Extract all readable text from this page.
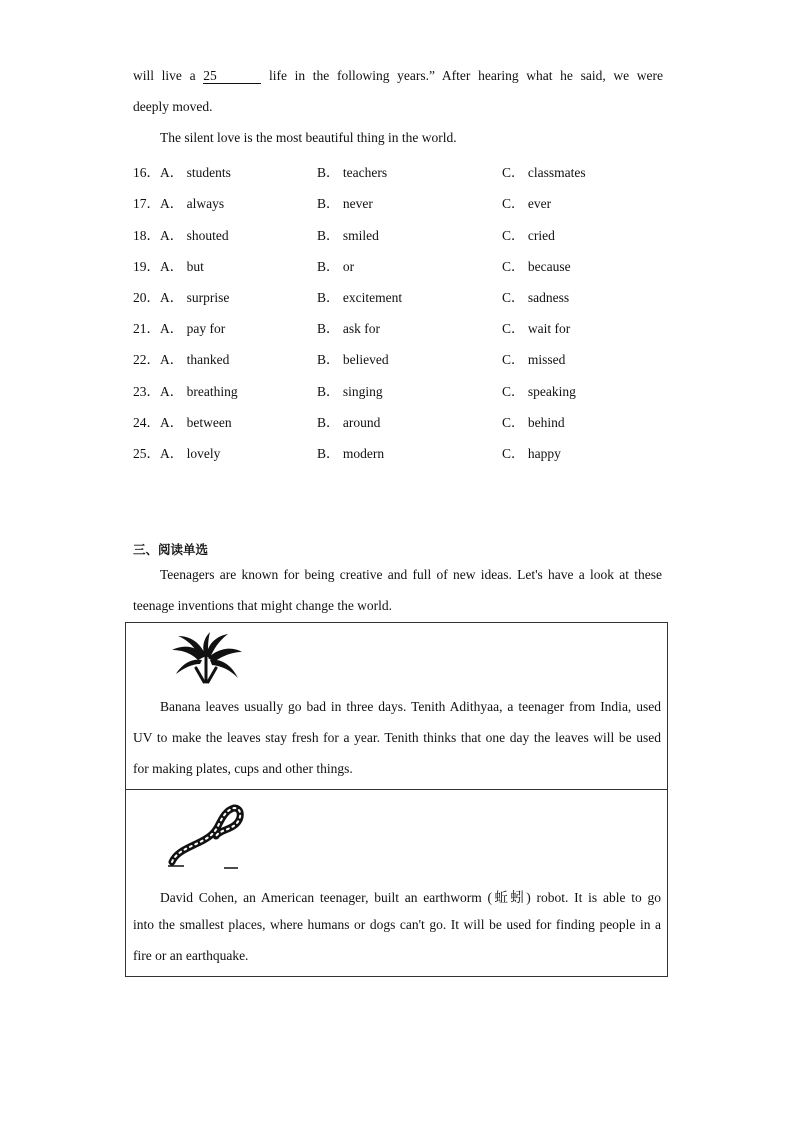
will live a 25	life in the following years.” After hearing what he said, we were
deeply moved.
The silent love is the most beautiful thing in the world.
16． A． students	B． teachers	C． classmates
17． A． always	B． never	C． ever
18． A． shouted	B． smiled	C． cried
19． A． but	B． or	C． because
20． A． surprise	B． excitement	C． sadness
21． A． pay for	B． ask for	C． wait for
22． A． thanked	B． believed	C． missed
23． A． breathing	B． singing	C． speaking
24． A． between	B． around	C． behind
25． A． lovely	B． modern	C． happy
三、阅读单选
Teenagers are known for being creative and full of new ideas. Let's have a look at these
teenage inventions that might change the world.
Banana leaves usually go bad in three days. Tenith Adithyaa, a teenager from India, used
UV to make the leaves stay fresh for a year. Tenith thinks that one day the leaves will be used
for making plates, cups and other things.
David Cohen, an American teenager, built an earthworm (蚯蚓) robot. It is able to go
into the smallest places, where humans or dogs can't go. It will be used for finding people in a
fire or an earthquake.
